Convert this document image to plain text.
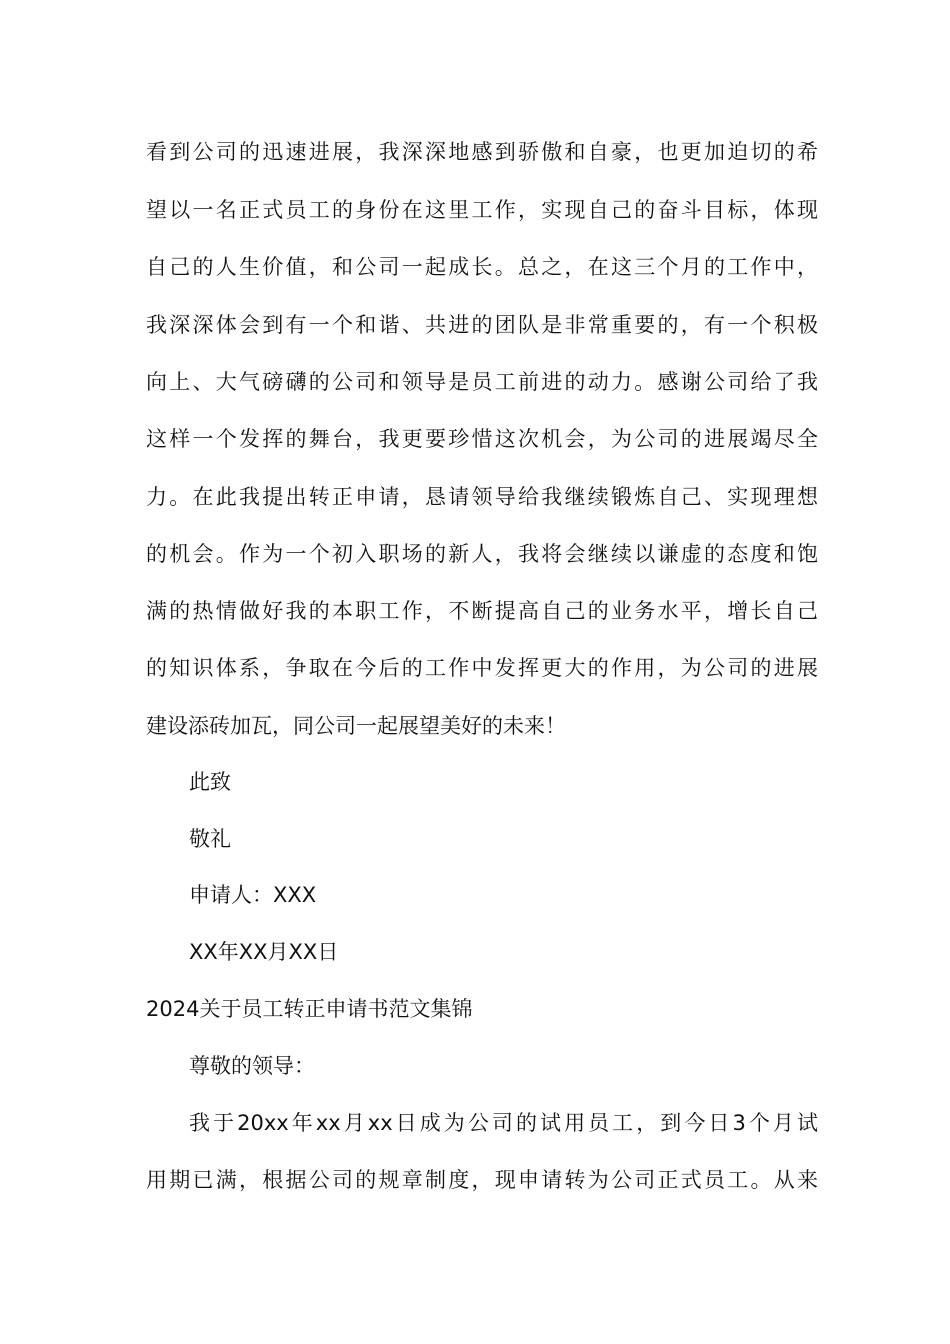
看到公司的迅速进展，我深深地感到骄傲和自豪，也更加迫切的希
望以一名正式员工的身份在这里工作，实现自己的奋斗目标，体现
自己的人生价值，和公司一起成长。总之，在这三个月的工作中，
我深深体会到有一个和谐、共进的团队是非常重要的，有一个积极
向上、大气磅礴的公司和领导是员工前进的动力。感谢公司给了我
这样一个发挥的舞台，我更要珍惜这次机会，为公司的进展竭尽全
力。在此我提出转正申请，恳请领导给我继续锻炼自己、实现理想
的机会。作为一个初入职场的新人，我将会继续以谦虚的态度和饱
满的热情做好我的本职工作，不断提高自己的业务水平，增长自己
的知识体系，争取在今后的工作中发挥更大的作用，为公司的进展
建设添砖加瓦，同公司一起展望美好的未来！
此致
敬礼
申请人：XXX
XX年XX月XX日
2024关于员工转正申请书范文集锦
尊敬的领导：
我于20xx年xx月xx日成为公司的试用员工，到今日3个月试
用期已满，根据公司的规章制度，现申请转为公司正式员工。从来
